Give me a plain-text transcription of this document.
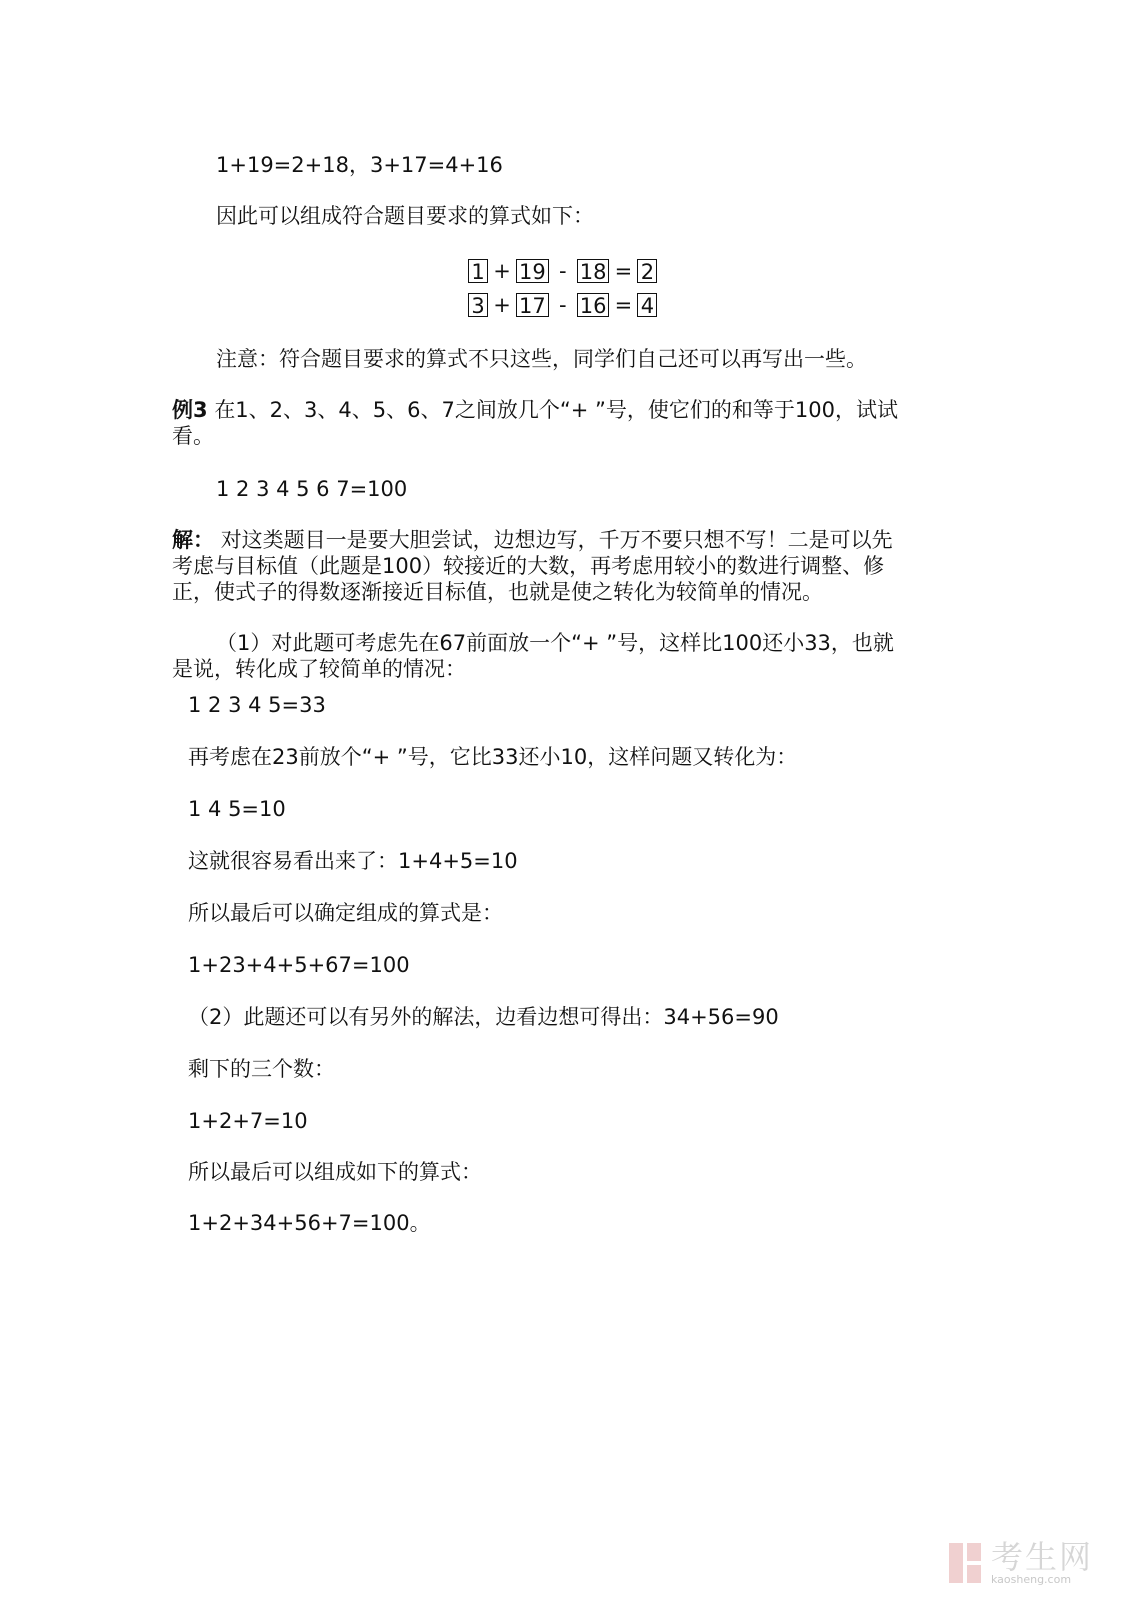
1+19=2+18，3+17=4+16
因此可以组成符合题目要求的算式如下：
1 + 19 - 18 = 2
3 + 17 - 16 = 4
注意：符合题目要求的算式不只这些，同学们自己还可以再写出一些。
例3 在1、2、3、4、5、6、7之间放几个“+ ”号，使它们的和等于100，试试
看。
1 2 3 4 5 6 7=100
解： 对这类题目一是要大胆尝试，边想边写，千万不要只想不写！二是可以先
考虑与目标值（此题是100）较接近的大数，再考虑用较小的数进行调整、修
正，使式子的得数逐渐接近目标值，也就是使之转化为较简单的情况。
（1）对此题可考虑先在67前面放一个“+ ”号，这样比100还小33，也就
是说，转化成了较简单的情况：
1 2 3 4 5=33
再考虑在23前放个“+ ”号，它比33还小10，这样问题又转化为：
1 4 5=10
这就很容易看出来了：1+4+5=10
所以最后可以确定组成的算式是：
1+23+4+5+67=100
（2）此题还可以有另外的解法，边看边想可得出：34+56=90
剩下的三个数：
1+2+7=10
所以最后可以组成如下的算式：
1+2+34+56+7=100。
考生网
kaosheng.com
